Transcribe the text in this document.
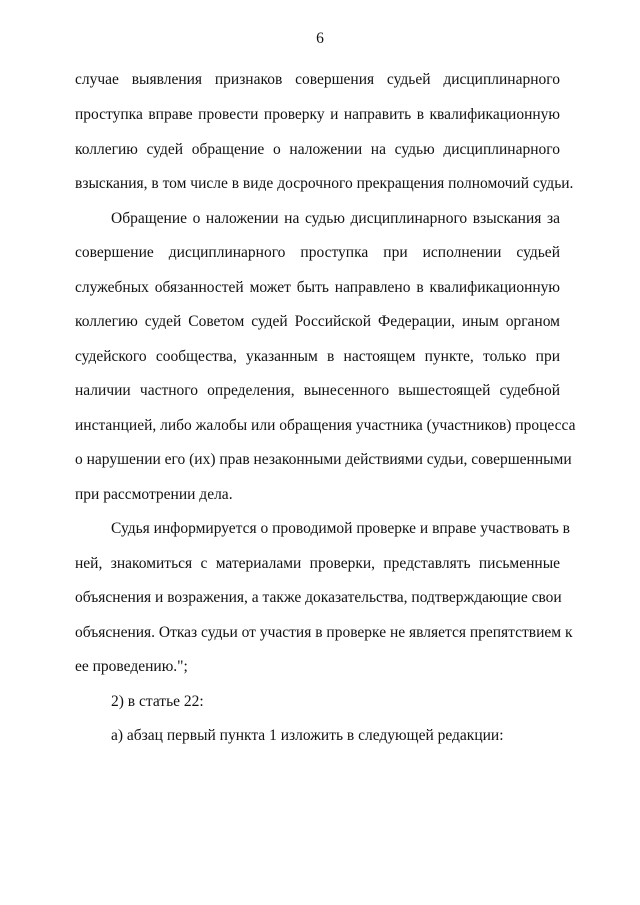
6
случае выявления признаков совершения судьей дисциплинарного
проступка вправе провести проверку и направить в квалификационную
коллегию судей обращение о наложении на судью дисциплинарного
взыскания, в том числе в виде досрочного прекращения полномочий судьи.
Обращение о наложении на судью дисциплинарного взыскания за
совершение дисциплинарного проступка при исполнении судьей
служебных обязанностей может быть направлено в квалификационную
коллегию судей Советом судей Российской Федерации, иным органом
судейского сообщества, указанным в настоящем пункте, только при
наличии частного определения, вынесенного вышестоящей судебной
инстанцией, либо жалобы или обращения участника (участников) процесса
о нарушении его (их) прав незаконными действиями судьи, совершенными
при рассмотрении дела.
Судья информируется о проводимой проверке и вправе участвовать в
ней, знакомиться с материалами проверки, представлять письменные
объяснения и возражения, а также доказательства, подтверждающие свои
объяснения. Отказ судьи от участия в проверке не является препятствием к
ее проведению.";
2) в статье 22:
а) абзац первый пункта 1 изложить в следующей редакции:
